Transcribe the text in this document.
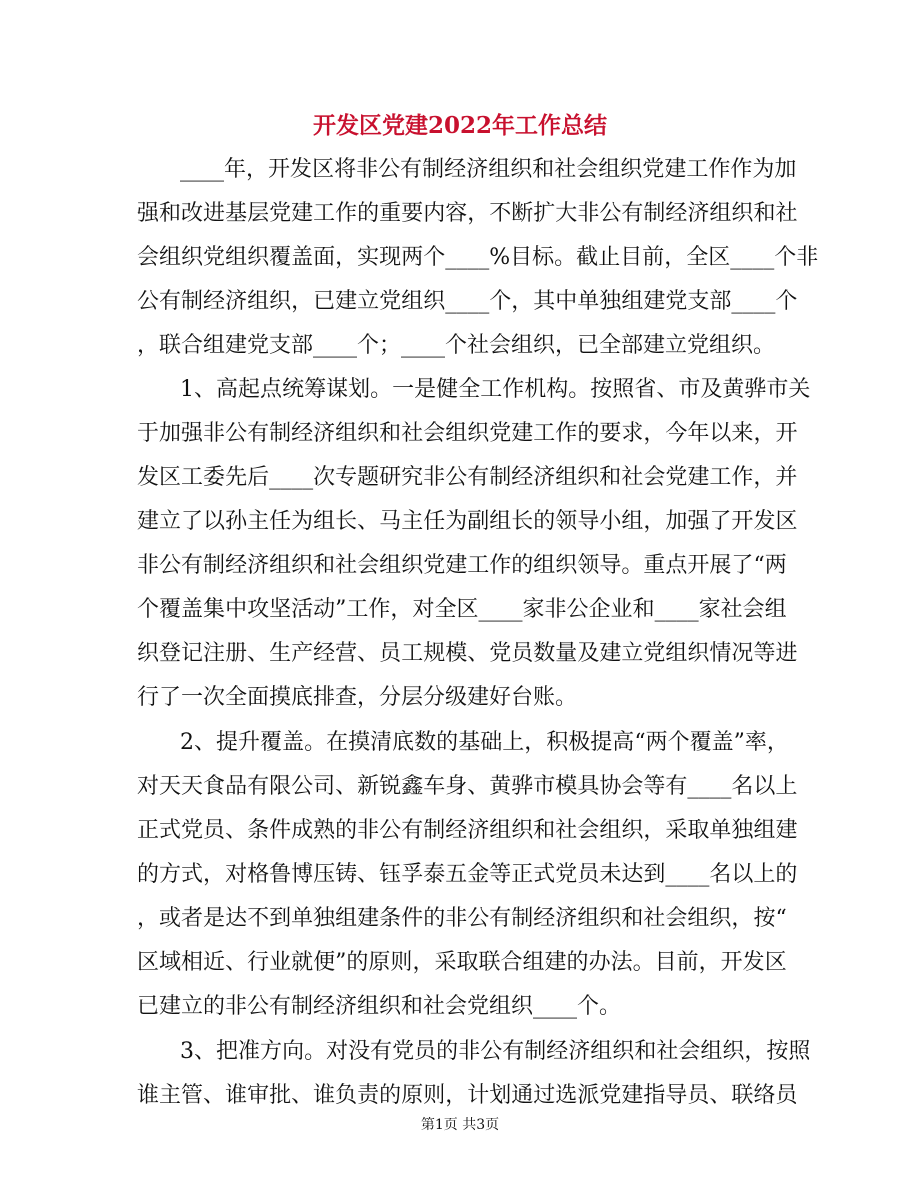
开发区党建2022年工作总结
_ _ _ _ 年 ， 开 发 区 将 非 公 有 制 经 济 组 织 和 社 会 组 织 党 建 工 作 作 为 加
强 和 改 进 基 层 党 建 工 作 的 重 要 内 容 ， 不 断 扩 大 非 公 有 制 经 济 组 织 和 社
会 组 织 党 组 织 覆 盖 面 ， 实 现 两 个 _ _ _ _ % 目 标 。 截 止 目 前 ， 全 区 _ _ _ _ 个 非
公 有 制 经 济 组 织 ， 已 建 立 党 组 织 _ _ _ _ 个 ， 其 中 单 独 组 建 党 支 部 _ _ _ _ 个
，联合组建党支部____个；____个社会组织，已全部建立党组织。
1 、 高 起 点 统 筹 谋 划 。 一 是 健 全 工 作 机 构 。 按 照 省 、 市 及 黄 骅 市 关
于 加 强 非 公 有 制 经 济 组 织 和 社 会 组 织 党 建 工 作 的 要 求 ， 今 年 以 来 ， 开
发 区 工 委 先 后 _ _ _ _ 次 专 题 研 究 非 公 有 制 经 济 组 织 和 社 会 党 建 工 作 ， 并
建 立 了 以 孙 主 任 为 组 长 、 马 主 任 为 副 组 长 的 领 导 小 组 ， 加 强 了 开 发 区
非 公 有 制 经 济 组 织 和 社 会 组 织 党 建 工 作 的 组 织 领 导 。 重 点 开 展 了 “ 两
个 覆 盖 集 中 攻 坚 活 动 ” 工 作 ， 对 全 区 _ _ _ _ 家 非 公 企 业 和 _ _ _ _ 家 社 会 组
织 登 记 注 册 、 生 产 经 营 、 员 工 规 模 、 党 员 数 量 及 建 立 党 组 织 情 况 等 进
行了一次全面摸底排查，分层分级建好台账。
2 、 提 升 覆 盖 。 在 摸 清 底 数 的 基 础 上 ， 积 极 提 高 “ 两 个 覆 盖 ” 率 ，
对 天 天 食 品 有 限 公 司 、 新 锐 鑫 车 身 、 黄 骅 市 模 具 协 会 等 有 _ _ _ _ 名 以 上
正 式 党 员 、 条 件 成 熟 的 非 公 有 制 经 济 组 织 和 社 会 组 织 ， 采 取 单 独 组 建
的 方 式 ， 对 格 鲁 博 压 铸 、 钰 孚 泰 五 金 等 正 式 党 员 未 达 到 _ _ _ _ 名 以 上 的
， 或 者 是 达 不 到 单 独 组 建 条 件 的 非 公 有 制 经 济 组 织 和 社 会 组 织 ， 按 “
区 域 相 近 、 行 业 就 便 ” 的 原 则 ， 采 取 联 合 组 建 的 办 法 。 目 前 ， 开 发 区
已建立的非公有制经济组织和社会党组织____个。
3 、 把 准 方 向 。 对 没 有 党 员 的 非 公 有 制 经 济 组 织 和 社 会 组 织 ， 按 照
谁 主 管 、 谁 审 批 、 谁 负 责 的 原 则 ， 计 划 通 过 选 派 党 建 指 导 员 、 联 络 员
第1页 共3页
